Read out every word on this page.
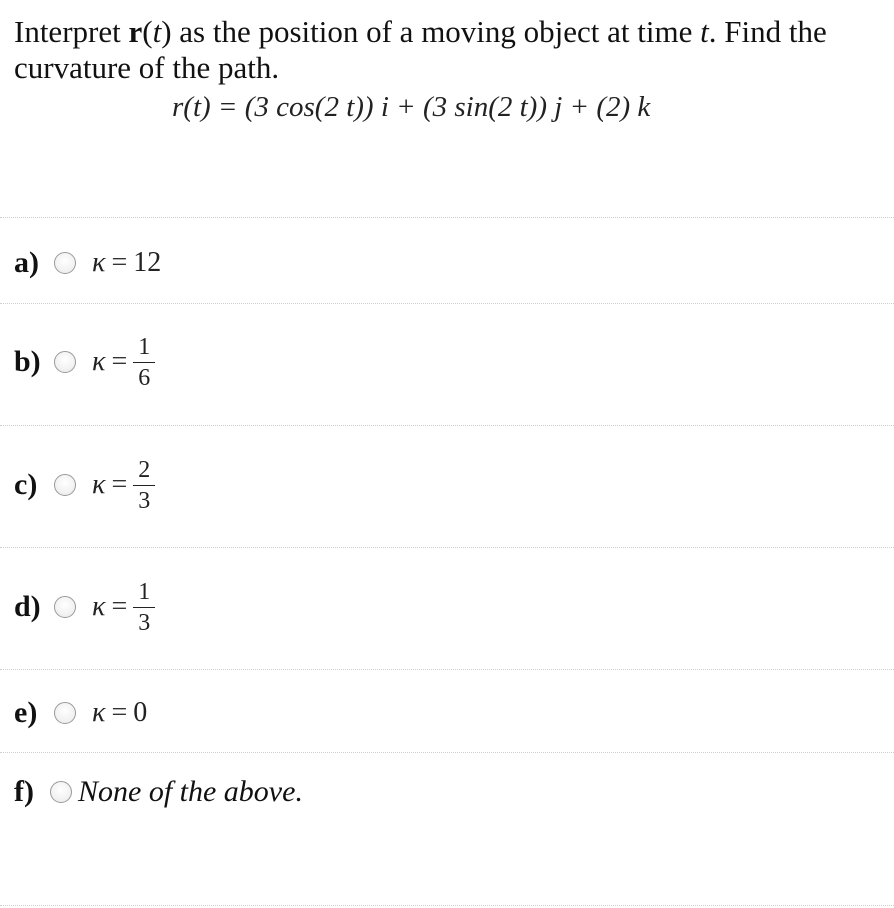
Interpret r(t) as the position of a moving object at time t. Find the curvature of the path.

r(t) = (3 cos(2 t)) i + (3 sin(2 t)) j + (2) k
a)	κ = 12
b)	$\kappa = \frac{1}{6}$
c)	$\kappa = \frac{2}{3}$
d)	$\kappa = \frac{1}{3}$
e)	κ = 0
f)	None of the above.
